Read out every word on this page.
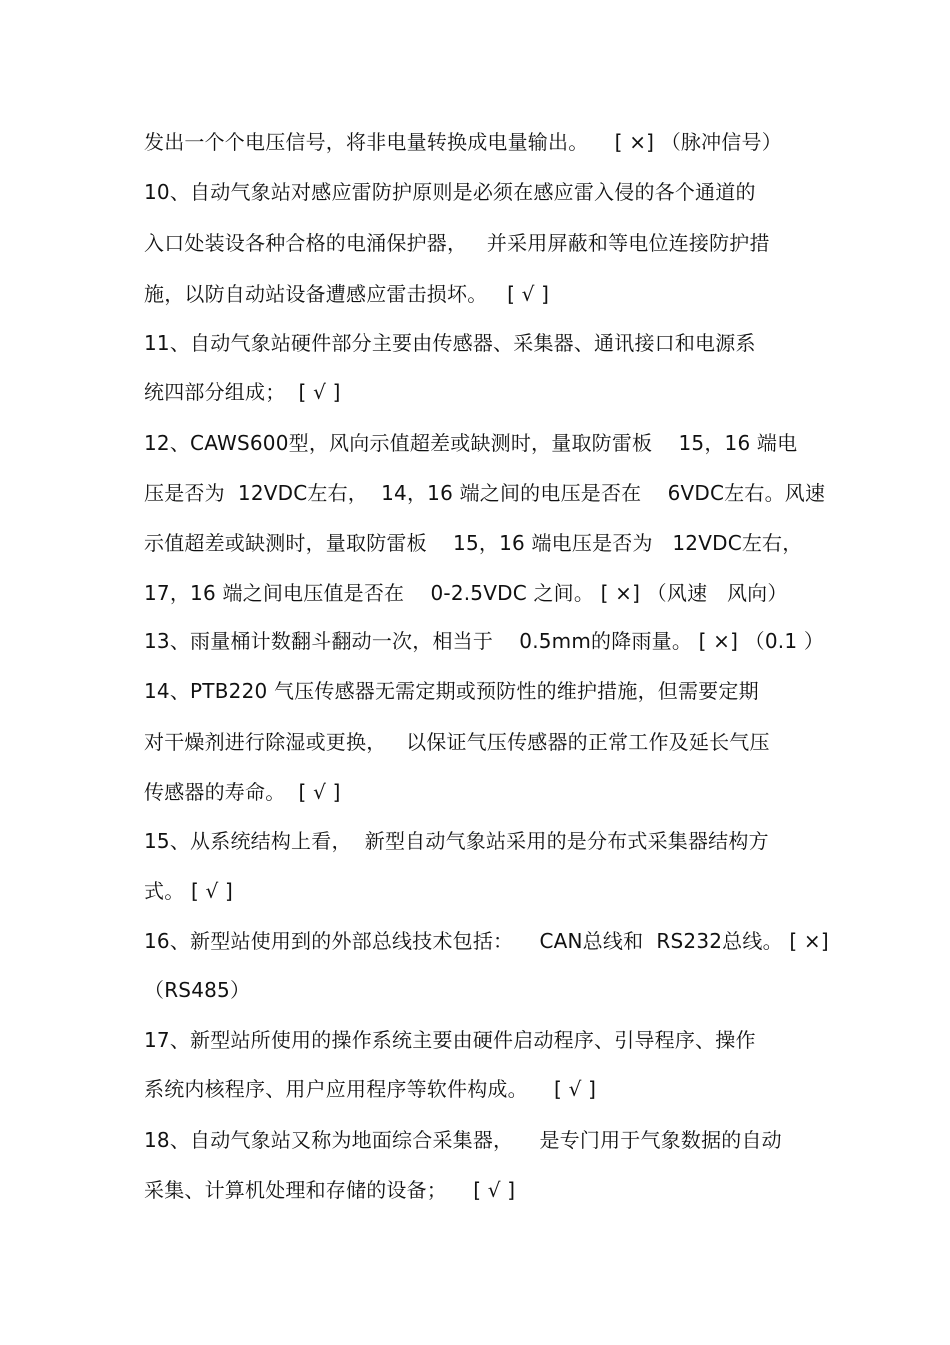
发出一个个电压信号，将非电量转换成电量输出。    [ ×] （脉冲信号）
10、自动气象站对感应雷防护原则是必须在感应雷入侵的各个通道的
入口处装设各种合格的电涌保护器，   并采用屏蔽和等电位连接防护措
施，以防自动站设备遭感应雷击损坏。   [ √ ]
11、自动气象站硬件部分主要由传感器、采集器、通讯接口和电源系
统四部分组成；  [ √ ]
12、CAWS600型，风向示值超差或缺测时，量取防雷板    15，16 端电
压是否为  12VDC左右，  14，16 端之间的电压是否在    6VDC左右。风速
示值超差或缺测时，量取防雷板    15，16 端电压是否为   12VDC左右，
17，16 端之间电压值是否在    0-2.5VDC 之间。 [ ×] （风速   风向）
13、雨量桶计数翻斗翻动一次，相当于    0.5mm的降雨量。 [ ×] （0.1 ）
14、PTB220 气压传感器无需定期或预防性的维护措施，但需要定期
对干燥剂进行除湿或更换，   以保证气压传感器的正常工作及延长气压
传感器的寿命。  [ √ ]
15、从系统结构上看，  新型自动气象站采用的是分布式采集器结构方
式。 [ √ ]
16、新型站使用到的外部总线技术包括：    CAN总线和  RS232总线。 [ ×]
（RS485）
17、新型站所使用的操作系统主要由硬件启动程序、引导程序、操作
系统内核程序、用户应用程序等软件构成。    [ √ ]
18、自动气象站又称为地面综合采集器，    是专门用于气象数据的自动
采集、计算机处理和存储的设备；    [ √ ]
